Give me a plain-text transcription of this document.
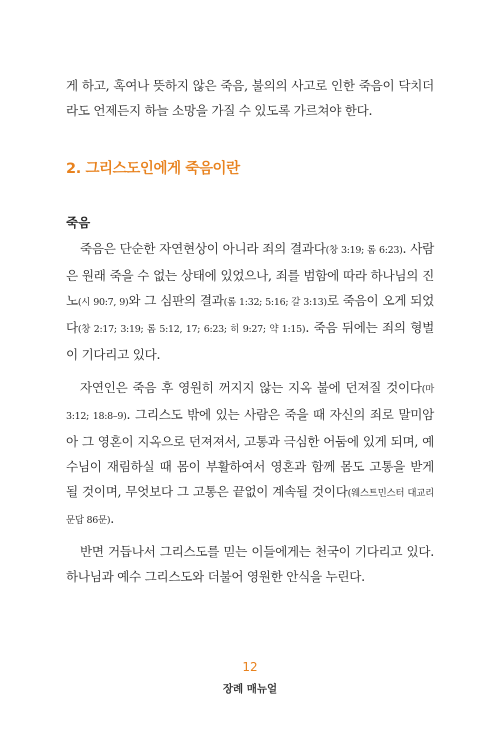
게 하고, 혹여나 뜻하지 않은 죽음, 불의의 사고로 인한 죽음이 닥치더라도 언제든지 하늘 소망을 가질 수 있도록 가르쳐야 한다.

2. 그리스도인에게 죽음이란
죽음

죽음은 단순한 자연현상이 아니라 죄의 결과다(창 3:19; 롬 6:23). 사람은 원래 죽을 수 없는 상태에 있었으나, 죄를 범함에 따라 하나님의 진노(시 90:7, 9)와 그 심판의 결과(롬 1:32; 5:16; 갈 3:13)로 죽음이 오게 되었다(창 2:17; 3:19; 롬 5:12, 17; 6:23; 히 9:27; 약 1:15). 죽음 뒤에는 죄의 형벌이 기다리고 있다.

자연인은 죽음 후 영원히 꺼지지 않는 지옥 불에 던져질 것이다(마 3:12; 18:8–9). 그리스도 밖에 있는 사람은 죽을 때 자신의 죄로 말미암아 그 영혼이 지옥으로 던져져서, 고통과 극심한 어둠에 있게 되며, 예수님이 재림하실 때 몸이 부활하여서 영혼과 함께 몸도 고통을 받게 될 것이며, 무엇보다 그 고통은 끝없이 계속될 것이다(웨스트민스터 대교리문답 86문).

반면 거듭나서 그리스도를 믿는 이들에게는 천국이 기다리고 있다. 하나님과 예수 그리스도와 더불어 영원한 안식을 누린다.

12

장례 매뉴얼
